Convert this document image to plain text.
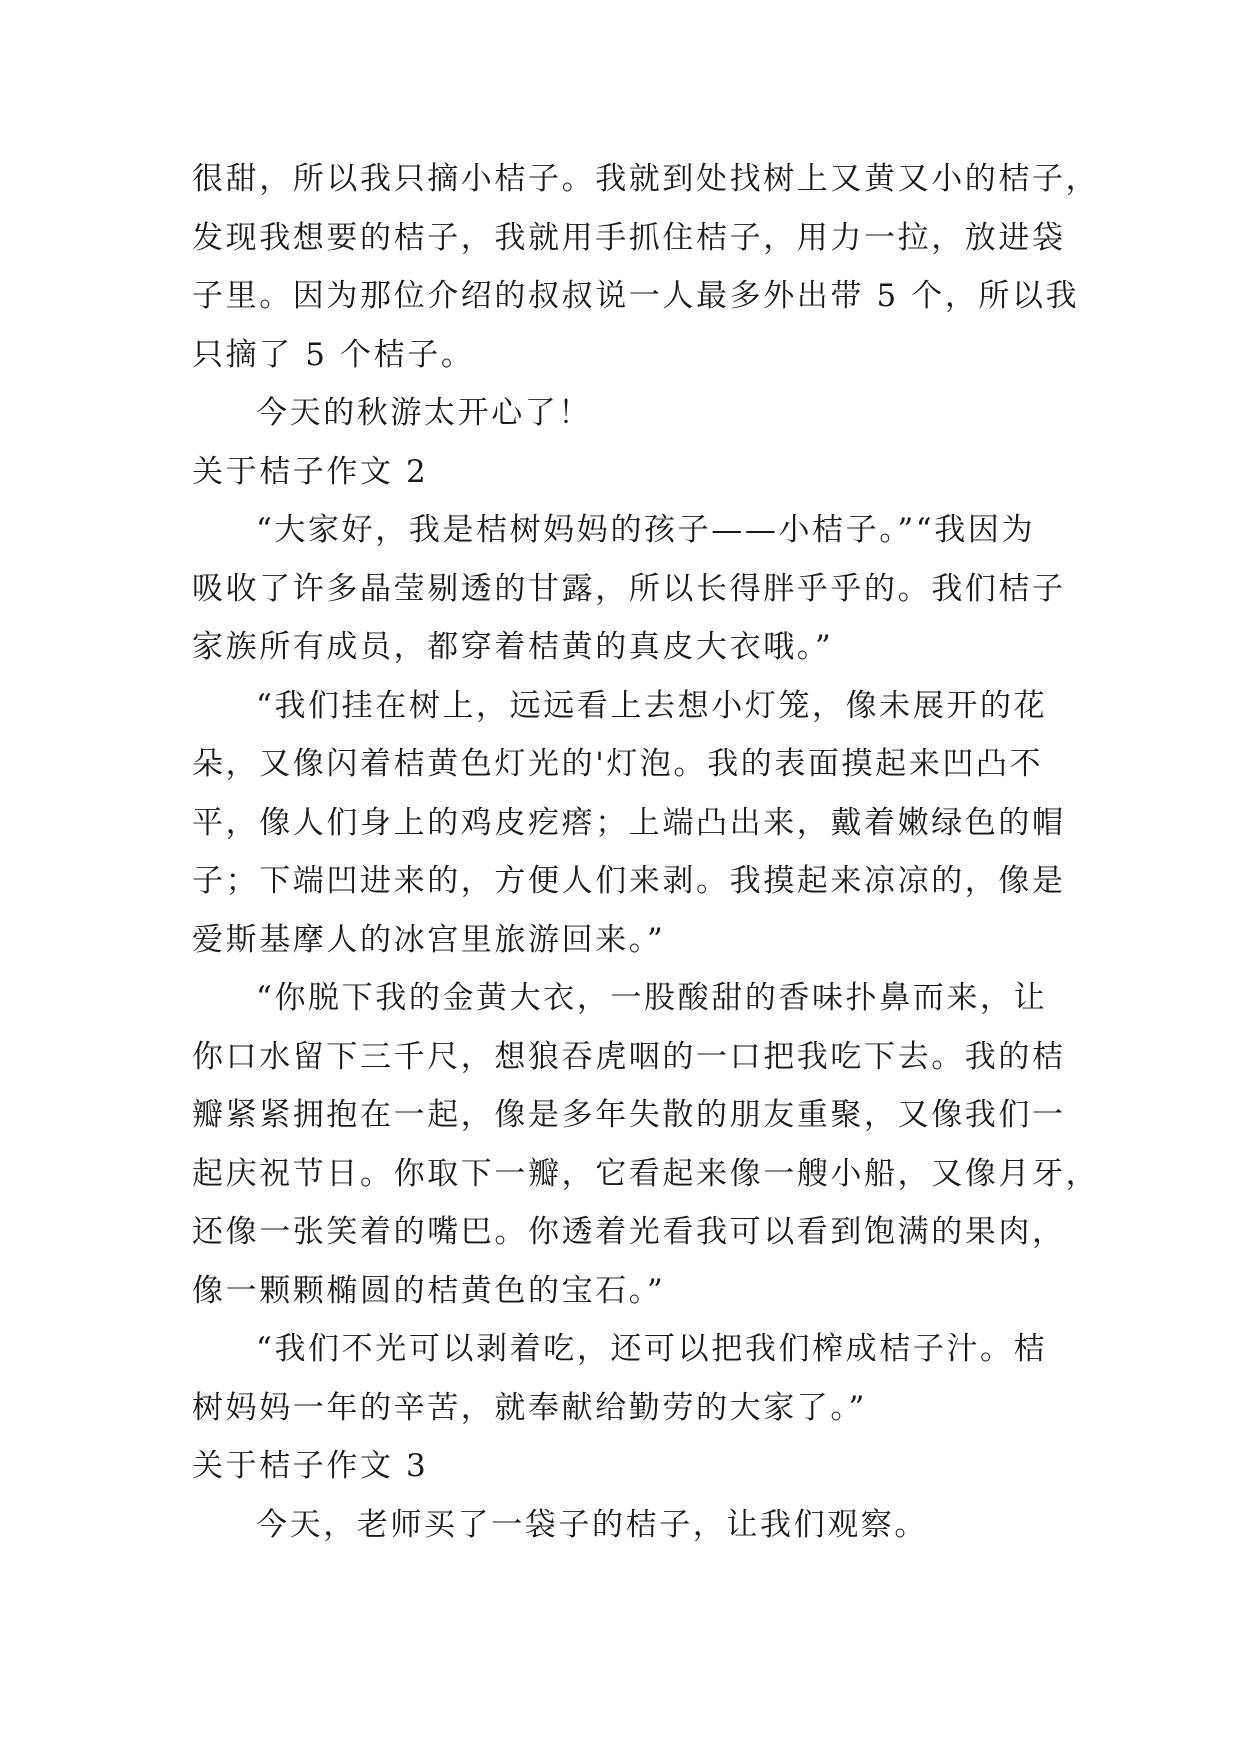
很甜，所以我只摘小桔子。我就到处找树上又黄又小的桔子，
发现我想要的桔子，我就用手抓住桔子，用力一拉，放进袋
子里。因为那位介绍的叔叔说一人最多外出带 5 个，所以我
只摘了 5 个桔子。
今天的秋游太开心了！
关于桔子作文 2
“大家好，我是桔树妈妈的孩子——小桔子。”“我因为
吸收了许多晶莹剔透的甘露，所以长得胖乎乎的。我们桔子
家族所有成员，都穿着桔黄的真皮大衣哦。”
“我们挂在树上，远远看上去想小灯笼，像未展开的花
朵，又像闪着桔黄色灯光的'灯泡。我的表面摸起来凹凸不
平，像人们身上的鸡皮疙瘩；上端凸出来，戴着嫩绿色的帽
子；下端凹进来的，方便人们来剥。我摸起来凉凉的，像是
爱斯基摩人的冰宫里旅游回来。”
“你脱下我的金黄大衣，一股酸甜的香味扑鼻而来，让
你口水留下三千尺，想狼吞虎咽的一口把我吃下去。我的桔
瓣紧紧拥抱在一起，像是多年失散的朋友重聚，又像我们一
起庆祝节日。你取下一瓣，它看起来像一艘小船，又像月牙，
还像一张笑着的嘴巴。你透着光看我可以看到饱满的果肉，
像一颗颗椭圆的桔黄色的宝石。”
“我们不光可以剥着吃，还可以把我们榨成桔子汁。桔
树妈妈一年的辛苦，就奉献给勤劳的大家了。”
关于桔子作文 3
今天，老师买了一袋子的桔子，让我们观察。
